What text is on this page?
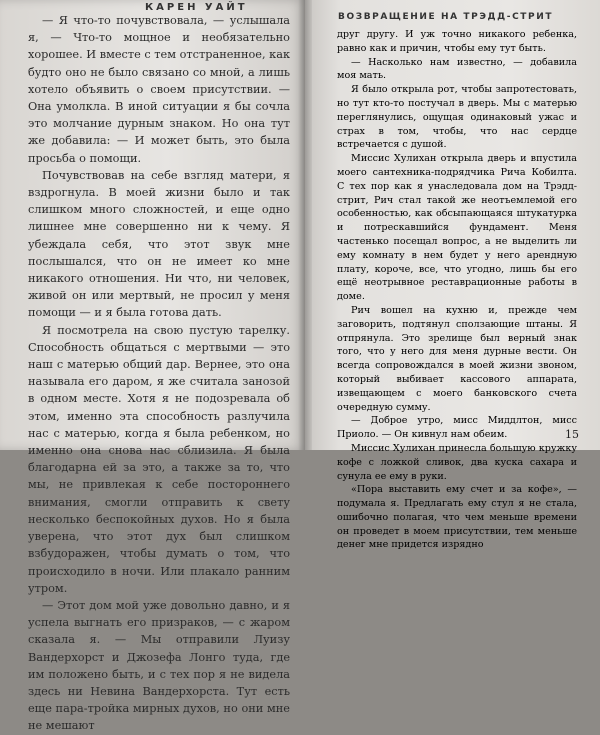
КАРЕН УАЙТ

— Я что-то почувствовала, — услышала я, — Что-то мощное и необязательно хорошее. И вместе с тем отстраненное, как будто оно не было связано со мной, а лишь хотело объявить о своем присутствии. — Она умолкла. В иной ситуации я бы сочла это молчание дурным знаком. Но она тут же добавила: — И может быть, это была просьба о помощи.

Почувствовав на себе взгляд матери, я вздрогнула. В моей жизни было и так слишком много сложностей, и еще одно лишнее мне совершенно ни к чему. Я убеждала себя, что этот звук мне послышался, что он не имеет ко мне никакого отношения. Ни что, ни человек, живой он или мертвый, не просил у меня помощи — и я была готова дать.

Я посмотрела на свою пустую тарелку. Способность общаться с мертвыми — это наш с матерью общий дар. Вернее, это она называла его даром, я же считала занозой в одном месте. Хотя я не подозревала об этом, именно эта способность разлучила нас с матерью, когда я была ребенком, но именно она снова нас сблизила. Я была благодарна ей за это, а также за то, что мы, не привлекая к себе постороннего внимания, смогли отправить к свету несколько беспокойных духов. Но я была уверена, что этот дух был слишком взбудоражен, чтобы думать о том, что происходило в ночи. Или плакало ранним утром.

— Этот дом мой уже довольно давно, и я успела выгнать его призраков, — с жаром сказала я. — Мы отправили Луизу Вандерхорст и Джозефа Лонго туда, где им положено быть, и с тех пор я не видела здесь ни Невина Вандерхорста. Тут есть еще пара-тройка мирных духов, но они мне не мешают

ВОЗВРАЩЕНИЕ НА ТРЭДД-СТРИТ

друг другу. И уж точно никакого ребенка, равно как и причин, чтобы ему тут быть.

— Насколько нам известно, — добавила моя мать.

Я было открыла рот, чтобы запротестовать, но тут кто-то постучал в дверь. Мы с матерью переглянулись, ощущая одинаковый ужас и страх в том, чтобы, что нас сердце встречается с душой.

Миссис Хулихан открыла дверь и впустила моего сантехника-подрядчика Рича Кобилта. С тех пор как я унаследовала дом на Трэдд-стрит, Рич стал такой же неотъемлемой его особенностью, как обсыпающаяся штукатурка и потрескавшийся фундамент. Меня частенько посещал вопрос, а не выделить ли ему комнату в нем будет у него арендную плату, короче, все, что угодно, лишь бы его ещё неотрывное реставрационные работы в доме.

Рич вошел на кухню и, прежде чем заговорить, подтянул сползающие штаны. Я отпрянула. Это зрелище был верный знак того, что у него для меня дурные вести. Он всегда сопровождался в моей жизни звоном, который выбивает кассового аппарата, извещающем с моего банковского счета очередную сумму.

— Доброе утро, мисс Миддлтон, мисс Приоло. — Он кивнул нам обеим.

Миссис Хулихан принесла большую кружку кофе с ложкой сливок, два куска сахара и сунула ее ему в руки.

«Пора выставить ему счет и за кофе», — подумала я. Предлагать ему стул я не стала, ошибочно полагая, что чем меньше времени он проведет в моем присутствии, тем меньше денег мне придется изрядно

15
